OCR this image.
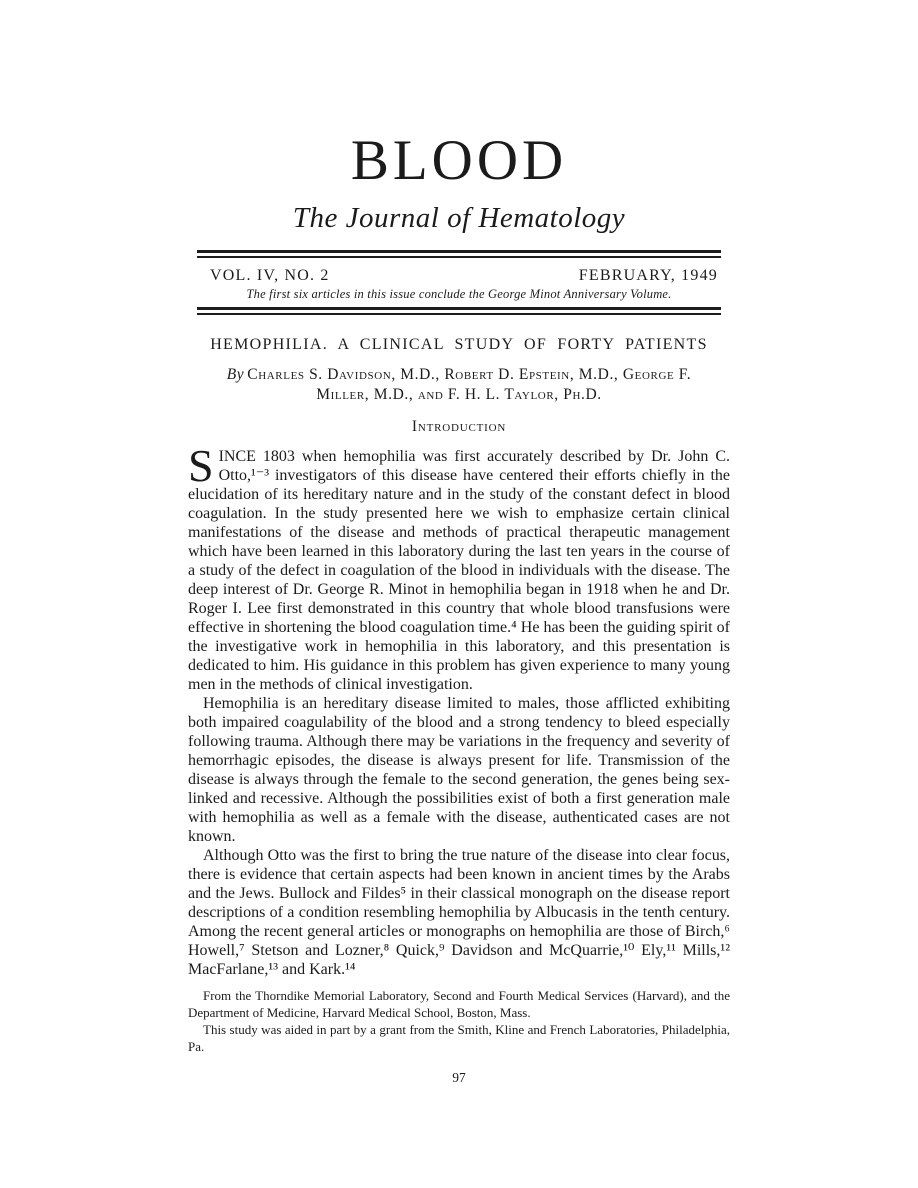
BLOOD
The Journal of Hematology
VOL. IV, NO. 2	FEBRUARY, 1949
The first six articles in this issue conclude the George Minot Anniversary Volume.
HEMOPHILIA. A CLINICAL STUDY OF FORTY PATIENTS
By Charles S. Davidson, M.D., Robert D. Epstein, M.D., George F.
Miller, M.D., and F. H. L. Taylor, Ph.D.
Introduction

SINCE 1803 when hemophilia was first accurately described by Dr. John C. Otto,¹⁻³ investigators of this disease have centered their efforts chiefly in the elucidation of its hereditary nature and in the study of the constant defect in blood coagulation. In the study presented here we wish to emphasize certain clinical manifestations of the disease and methods of practical therapeutic management which have been learned in this laboratory during the last ten years in the course of a study of the defect in coagulation of the blood in individuals with the disease. The deep interest of Dr. George R. Minot in hemophilia began in 1918 when he and Dr. Roger I. Lee first demonstrated in this country that whole blood transfusions were effective in shortening the blood coagulation time.⁴ He has been the guiding spirit of the investigative work in hemophilia in this laboratory, and this presentation is dedicated to him. His guidance in this problem has given experience to many young men in the methods of clinical investigation.

Hemophilia is an hereditary disease limited to males, those afflicted exhibiting both impaired coagulability of the blood and a strong tendency to bleed especially following trauma. Although there may be variations in the frequency and severity of hemorrhagic episodes, the disease is always present for life. Transmission of the disease is always through the female to the second generation, the genes being sex-linked and recessive. Although the possibilities exist of both a first generation male with hemophilia as well as a female with the disease, authenticated cases are not known.

Although Otto was the first to bring the true nature of the disease into clear focus, there is evidence that certain aspects had been known in ancient times by the Arabs and the Jews. Bullock and Fildes⁵ in their classical monograph on the disease report descriptions of a condition resembling hemophilia by Albucasis in the tenth century. Among the recent general articles or monographs on hemophilia are those of Birch,⁶ Howell,⁷ Stetson and Lozner,⁸ Quick,⁹ Davidson and McQuarrie,¹⁰ Ely,¹¹ Mills,¹² MacFarlane,¹³ and Kark.¹⁴

From the Thorndike Memorial Laboratory, Second and Fourth Medical Services (Harvard), and the Department of Medicine, Harvard Medical School, Boston, Mass.

This study was aided in part by a grant from the Smith, Kline and French Laboratories, Philadelphia, Pa.

97
